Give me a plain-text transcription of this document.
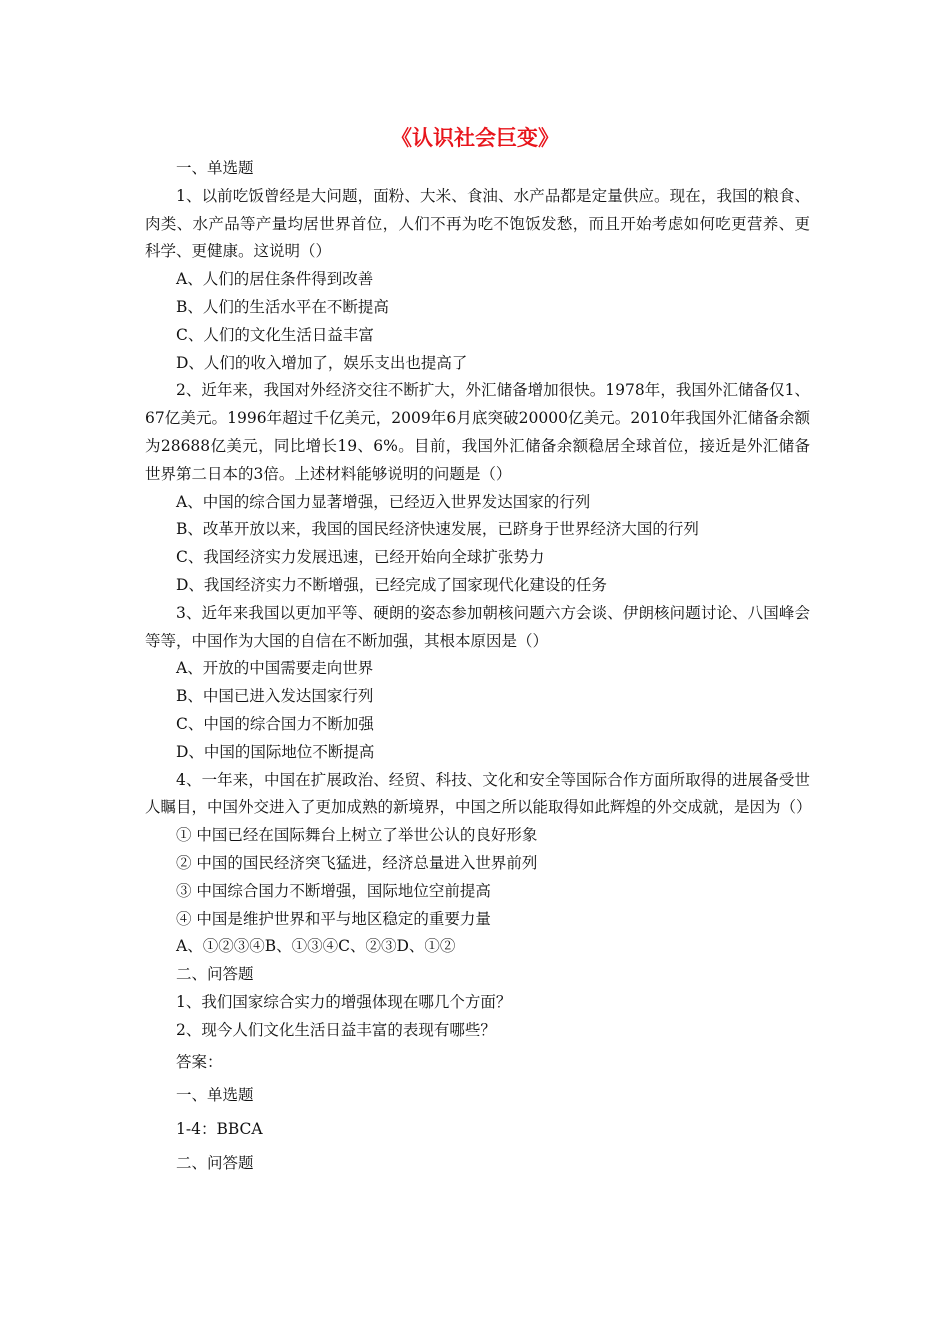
《认识社会巨变》

一、单选题

1、以前吃饭曾经是大问题，面粉、大米、食油、水产品都是定量供应。现在，我国的粮食、肉类、水产品等产量均居世界首位，人们不再为吃不饱饭发愁，而且开始考虑如何吃更营养、更科学、更健康。这说明（）

A、人们的居住条件得到改善

B、人们的生活水平在不断提高

C、人们的文化生活日益丰富

D、人们的收入增加了，娱乐支出也提高了

2、近年来，我国对外经济交往不断扩大，外汇储备增加很快。1978年，我国外汇储备仅1、67亿美元。1996年超过千亿美元，2009年6月底突破20000亿美元。2010年我国外汇储备余额为28688亿美元，同比增长19、6%。目前，我国外汇储备余额稳居全球首位，接近是外汇储备世界第二日本的3倍。上述材料能够说明的问题是（）

A、中国的综合国力显著增强，已经迈入世界发达国家的行列

B、改革开放以来，我国的国民经济快速发展，已跻身于世界经济大国的行列

C、我国经济实力发展迅速，已经开始向全球扩张势力

D、我国经济实力不断增强，已经完成了国家现代化建设的任务

3、近年来我国以更加平等、硬朗的姿态参加朝核问题六方会谈、伊朗核问题讨论、八国峰会等等，中国作为大国的自信在不断加强，其根本原因是（）

A、开放的中国需要走向世界

B、中国已进入发达国家行列

C、中国的综合国力不断加强

D、中国的国际地位不断提高

4、一年来，中国在扩展政治、经贸、科技、文化和安全等国际合作方面所取得的进展备受世人瞩目，中国外交进入了更加成熟的新境界，中国之所以能取得如此辉煌的外交成就，是因为（）

① 中国已经在国际舞台上树立了举世公认的良好形象

② 中国的国民经济突飞猛进，经济总量进入世界前列

③ 中国综合国力不断增强，国际地位空前提高

④ 中国是维护世界和平与地区稳定的重要力量

A、①②③④B、①③④C、②③D、①②

二、问答题

1、我们国家综合实力的增强体现在哪几个方面？

2、现今人们文化生活日益丰富的表现有哪些？

答案：

一、单选题

1-4：BBCA

二、问答题
